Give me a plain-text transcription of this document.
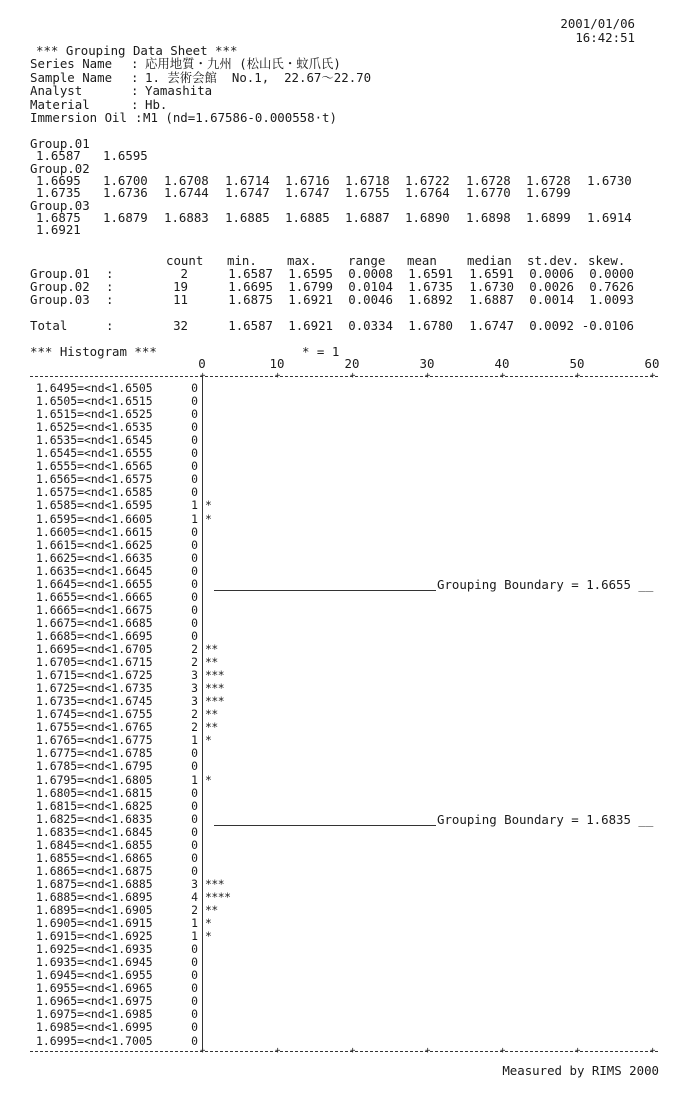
2001/01/06
16:42:51
*** Grouping Data Sheet ***
Series Name : 応用地質・九州 (松山氏・蚊爪氏)
Sample Name : 1. 芸術会館  No.1,  22.67～22.70
Analyst	: Yamashita
Material	: Hb.
Immersion Oil : M1 (nd=1.67586-0.000558·t)
Group.01
1.6587 1.6595
Group.02
1.6695 1.6700 1.6708 1.6714 1.6716 1.6718 1.6722 1.6728 1.6728 1.6730
1.6735 1.6736 1.6744 1.6747 1.6747 1.6755 1.6764 1.6770 1.6799
Group.03
1.6875 1.6879 1.6883 1.6885 1.6885 1.6887 1.6890 1.6898 1.6899 1.6914
1.6921
count min. max.	range mean median st.dev. skew.
Group.01 :	2	1.6587	1.6595	0.0008	1.6591	1.6591	0.0006	0.0000
Group.02 :	19	1.6695	1.6799	0.0104	1.6735	1.6730	0.0026	0.7626
Group.03 :	11	1.6875	1.6921	0.0046	1.6892	1.6887	0.0014	1.0093
Total	:	32	1.6587	1.6921	0.0334	1.6780	1.6747	0.0092 -0.0106
*** Histogram ***	* = 1
0	10	20	30	40	50	60
+
+
+
+
+
+
+
+
+
+
+
+
+
+
1.6495=<nd<1.6505	0
1.6505=<nd<1.6515	0
1.6515=<nd<1.6525	0
1.6525=<nd<1.6535	0
1.6535=<nd<1.6545	0
1.6545=<nd<1.6555	0
1.6555=<nd<1.6565	0
1.6565=<nd<1.6575	0
1.6575=<nd<1.6585	0
1.6585=<nd<1.6595	1 *
1.6595=<nd<1.6605	1 *
1.6605=<nd<1.6615	0
1.6615=<nd<1.6625	0
1.6625=<nd<1.6635	0
1.6635=<nd<1.6645	0
1.6645=<nd<1.6655	0
1.6655=<nd<1.6665	0
1.6665=<nd<1.6675	0
1.6675=<nd<1.6685	0
1.6685=<nd<1.6695	0
1.6695=<nd<1.6705	2 **
1.6705=<nd<1.6715	2 **
1.6715=<nd<1.6725	3 ***
1.6725=<nd<1.6735	3 ***
1.6735=<nd<1.6745	3 ***
1.6745=<nd<1.6755	2 **
1.6755=<nd<1.6765	2 **
1.6765=<nd<1.6775	1 *
1.6775=<nd<1.6785	0
1.6785=<nd<1.6795	0
1.6795=<nd<1.6805	1 *
1.6805=<nd<1.6815	0
1.6815=<nd<1.6825	0
1.6825=<nd<1.6835	0
1.6835=<nd<1.6845	0
1.6845=<nd<1.6855	0
1.6855=<nd<1.6865	0
1.6865=<nd<1.6875	0
1.6875=<nd<1.6885	3 ***
1.6885=<nd<1.6895	4 ****
1.6895=<nd<1.6905	2 **
1.6905=<nd<1.6915	1 *
1.6915=<nd<1.6925	1 *
1.6925=<nd<1.6935	0
1.6935=<nd<1.6945	0
1.6945=<nd<1.6955	0
1.6955=<nd<1.6965	0
1.6965=<nd<1.6975	0
1.6975=<nd<1.6985	0
1.6985=<nd<1.6995	0
1.6995=<nd<1.7005	0
Grouping Boundary = 1.6655 __
Grouping Boundary = 1.6835 __
Measured by RIMS 2000
